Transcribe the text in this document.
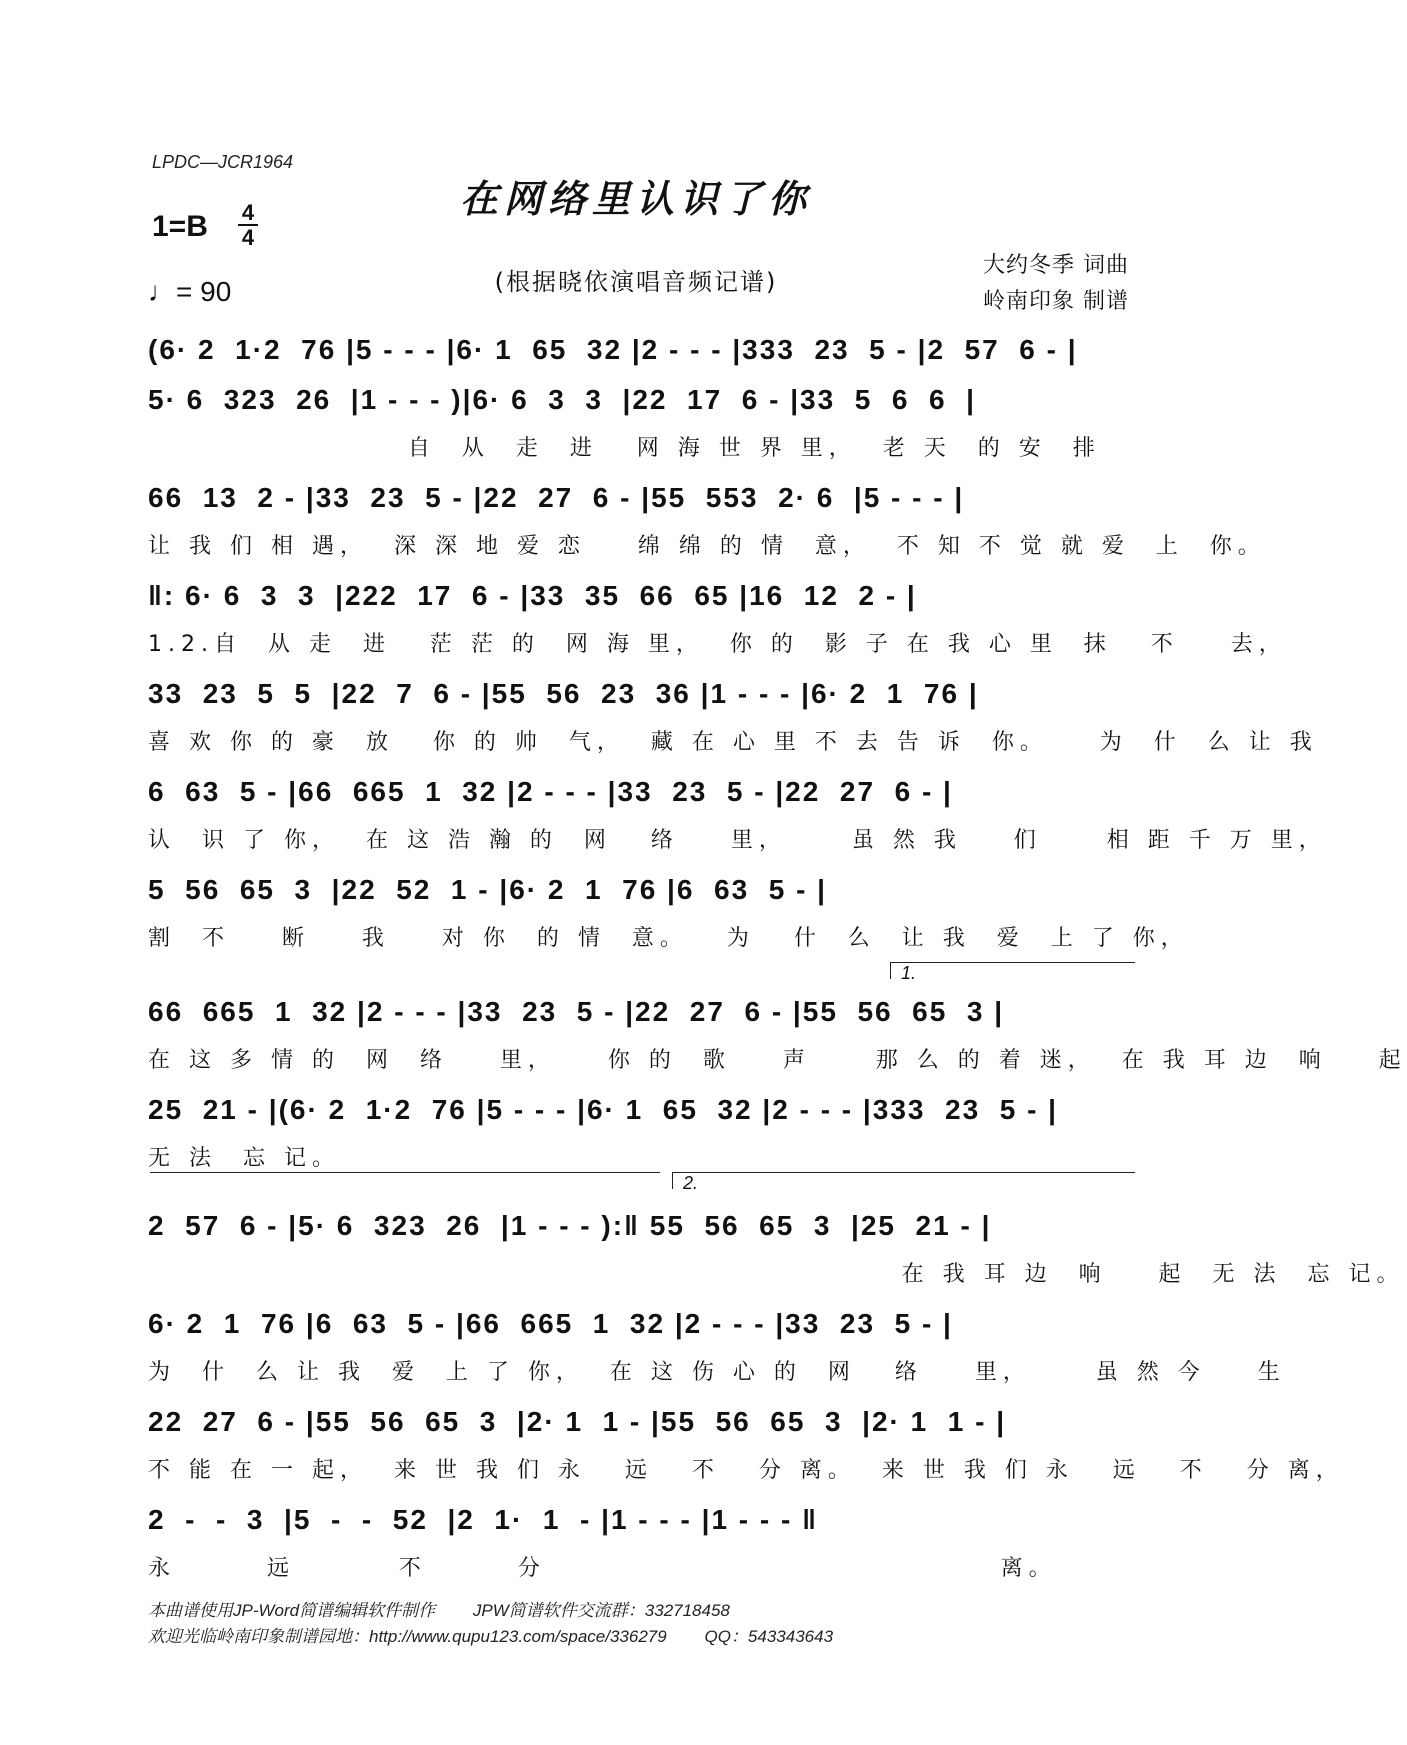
LPDC—JCR1964
在网络里认识了你
1=B 4
4
♩= 90	(根据晓依演唱音频记谱)
大约冬季 词曲
岭南印象 制谱
(6· 2  1·2  76 |5 - - - |6· 1  65  32 |2 - - - |333  23  5 - |2  57  6 - |
5· 6  323  26  |1 - - - )|6· 6  3  3  |22  17  6 - |33  5  6  6  |
自  从  走  进   网 海 世 界 里，  老 天  的 安  排
66  13  2 - |33  23  5 - |22  27  6 - |55  553  2· 6  |5 - - - |
让 我 们 相 遇，  深 深 地 爱 恋    绵 绵 的 情  意，  不 知 不 觉 就 爱  上  你。
‖: 6· 6  3  3  |222  17  6 - |33  35  66  65 |16  12  2 - |
1.2.自  从 走  进   茫 茫 的  网 海 里，  你 的  影 子 在 我 心 里  抹   不    去，
33  23  5  5  |22  7  6 - |55  56  23  36 |1 - - - |6· 2  1  76 |
喜 欢 你 的 豪  放   你 的 帅  气，  藏 在 心 里 不 去 告 诉  你。    为  什  么 让 我
6  63  5 - |66  665  1  32 |2 - - - |33  23  5 - |22  27  6 - |
认  识 了 你，  在 这 浩 瀚 的  网   络    里，     虽 然 我    们     相 距 千 万 里，
5  56  65  3  |22  52  1 - |6· 2  1  76 |6  63  5 - |
割  不    断    我    对 你  的 情  意。   为   什  么  让 我  爱  上 了 你，
1.
66  665  1  32 |2 - - - |33  23  5 - |22  27  6 - |55  56  65  3 |
在 这 多 情 的  网  络    里，    你 的  歌    声     那 么 的 着 迷，  在 我 耳 边  响    起
25  21 - |(6· 2  1·2  76 |5 - - - |6· 1  65  32 |2 - - - |333  23  5 - |
无 法  忘 记。
2.
2  57  6 - |5· 6  323  26  |1 - - - ):‖ 55  56  65  3  |25  21 - |
在 我 耳 边  响    起  无 法  忘 记。
6· 2  1  76 |6  63  5 - |66  665  1  32 |2 - - - |33  23  5 - |
为  什  么 让 我  爱  上 了 你，  在 这 伤 心 的  网   络    里，     虽 然 今    生
22  27  6 - |55  56  65  3  |2· 1  1 - |55  56  65  3  |2· 1  1 - |
不 能 在 一 起，  来 世 我 们 永   远   不   分 离。  来 世 我 们 永   远   不   分 离，
2  -  -  3  |5  -  -  52  |2  1·  1  - |1 - - - |1 - - - ‖
永       远        不       分                                   离。
本曲谱使用JP-Word简谱编辑软件制作        JPW简谱软件交流群：332718458
欢迎光临岭南印象制谱园地：http://www.qupu123.com/space/336279        QQ：543343643
